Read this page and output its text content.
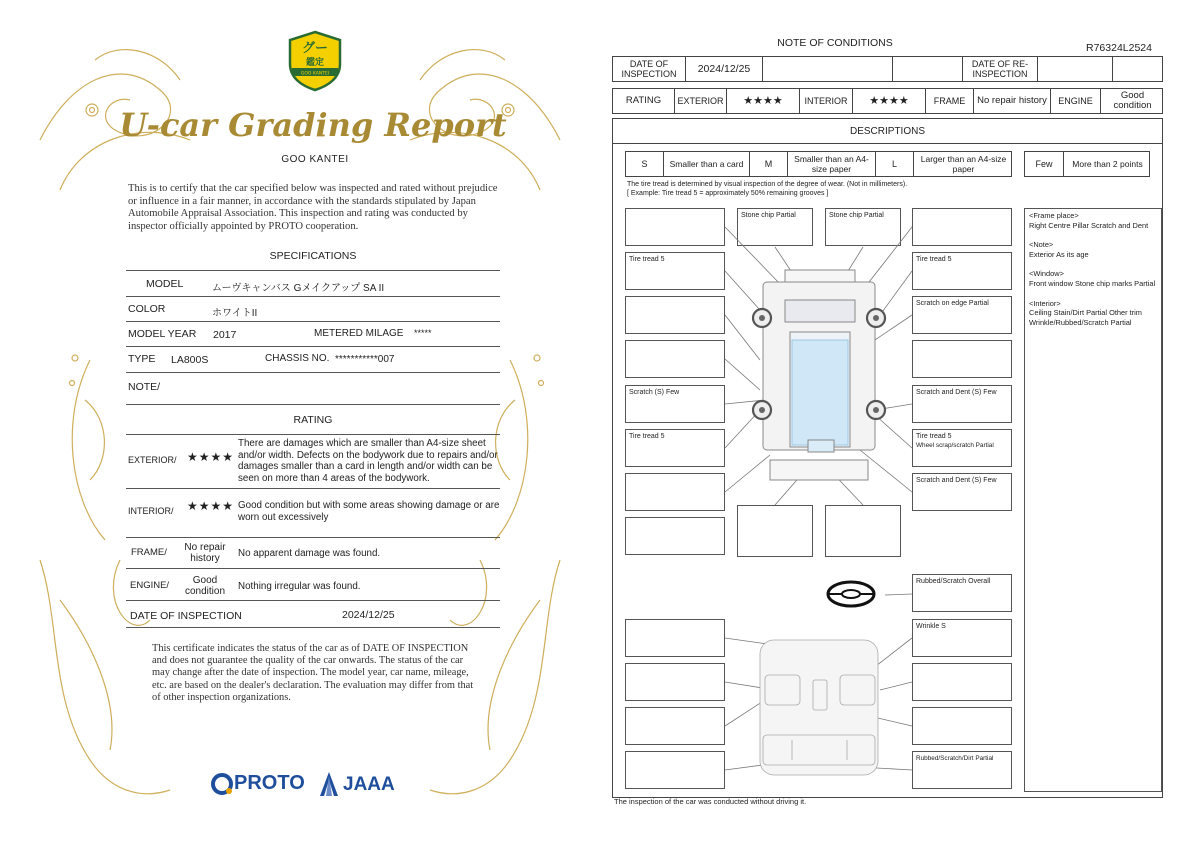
グー
鑑定
GOO KANTEI
U-car Grading Report
GOO KANTEI
This is to certify that the car specified below was inspected and rated without prejudice or influence in a fair manner, in accordance with the standards stipulated by Japan Automobile Appraisal Association. This inspection and rating was conducted by inspector officially appointed by PROTO cooperation.
SPECIFICATIONS
MODEL	ムーヴキャンバス Gメイクアップ SA II
COLOR	ホワイトII
MODEL YEAR 2017	METERED MILAGE *****
TYPE LA800S	CHASSIS NO. ***********007
NOTE/
RATING
EXTERIOR/ ★★★★
There are damages which are smaller than A4-size sheet and/or width. Defects on the bodywork due to repairs and/or damages smaller than a card in length and/or width can be seen on more than 4 areas of the bodywork.
INTERIOR/ ★★★★ Good condition but with some areas showing damage or are worn out excessively
FRAME/	No repair history	No apparent damage was found.
ENGINE/	Good condition	Nothing irregular was found.
DATE OF INSPECTION	2024/12/25
This certificate indicates the status of the car as of DATE OF INSPECTION and does not guarantee the quality of the car onwards. The status of the car may change after the date of inspection. The model year, car name, mileage, etc. are based on the dealer's declaration. The evaluation may differ from that of other inspection organizations.
PROTO JAAA
NOTE OF CONDITIONS	R76324L2524
DATE OF INSPECTION	2024/12/25	DATE OF RE-INSPECTION
RATING	EXTERIOR	★★★★	INTERIOR	★★★★	FRAME	No repair history	ENGINE	Good condition
DESCRIPTIONS
S	Smaller than a card	M	Smaller than an A4-size paper	L	Larger than an A4-size paper	Few	More than 2 points
The tire tread is determined by visual inspection of the degree of wear. (Not in millimeters).
[ Example: Tire tread 5 = approximately 50% remaining grooves ]
Tire tread 5
Scratch (S) Few
Tire tread 5
Stone chip Partial	Stone chip Partial
Tire tread 5
Scratch on edge Partial
Scratch and Dent (S) Few
Tire tread 5
Wheel scrap/scratch Partial
Scratch and Dent (S) Few
Rubbed/Scratch Overall
Wrinkle S
Rubbed/Scratch/Dirt Partial
<Frame place>

Right Centre Pillar Scratch and Dent

<Note>

Exterior As its age

<Window>

Front window Stone chip marks Partial

<Interior>

Ceiling Stain/Dirt Partial Other trim Wrinkle/Rubbed/Scratch Partial

The inspection of the car was conducted without driving it.
